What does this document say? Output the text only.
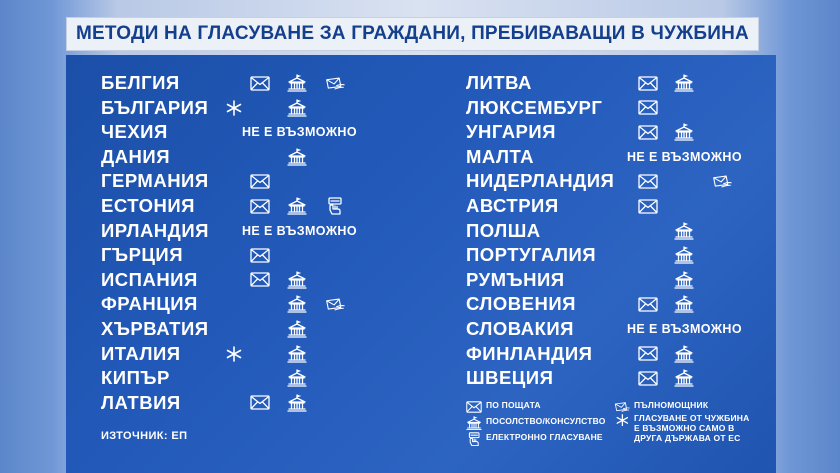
МЕТОДИ НА ГЛАСУВАНЕ ЗА ГРАЖДАНИ, ПРЕБИВАВАЩИ В ЧУЖБИНА
БЕЛГИЯ
БЪЛГАРИЯ
ЧЕХИЯ	НЕ Е ВЪЗМОЖНО
ДАНИЯ
ГЕРМАНИЯ
ЕСТОНИЯ
ИРЛАНДИЯ	НЕ Е ВЪЗМОЖНО
ГЪРЦИЯ
ИСПАНИЯ
ФРАНЦИЯ
ХЪРВАТИЯ
ИТАЛИЯ
КИПЪР
ЛАТВИЯ
ЛИТВА
ЛЮКСЕМБУРГ
УНГАРИЯ
МАЛТА	НЕ Е ВЪЗМОЖНО
НИДЕРЛАНДИЯ
АВСТРИЯ
ПОЛША
ПОРТУГАЛИЯ
РУМЪНИЯ
СЛОВЕНИЯ
СЛОВАКИЯ	НЕ Е ВЪЗМОЖНО
ФИНЛАНДИЯ
ШВЕЦИЯ
ПО ПОЩАТА
ПОСОЛСТВО/КОНСУЛСТВО
ЕЛЕКТРОННО ГЛАСУВАНЕ
ПЪЛНОМОЩНИК
ГЛАСУВАНЕ ОТ ЧУЖБИНА
Е ВЪЗМОЖНО САМО В
ДРУГА ДЪРЖАВА ОТ ЕС
ИЗТОЧНИК: ЕП
